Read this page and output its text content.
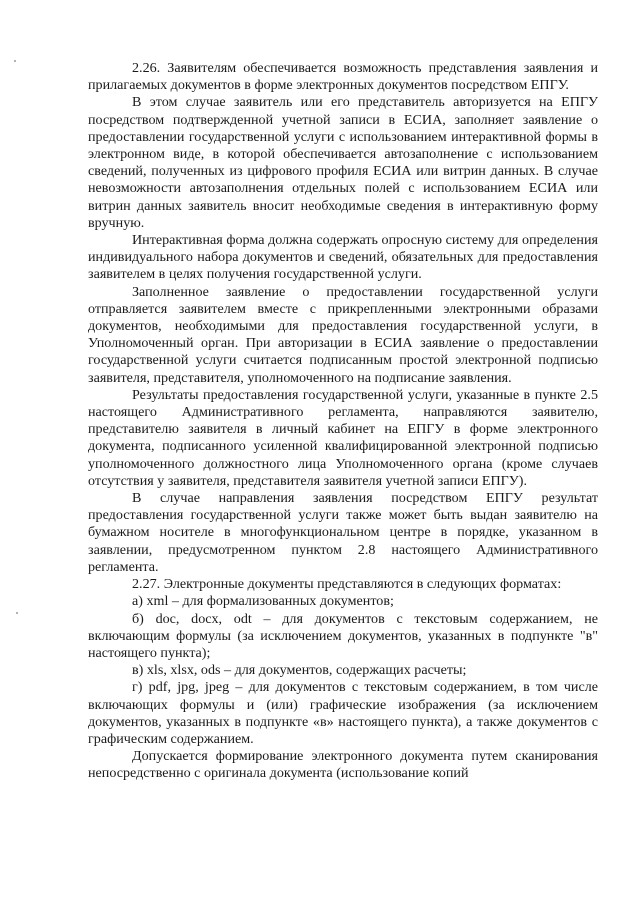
2.26. Заявителям обеспечивается возможность представления заявления и прилагаемых документов в форме электронных документов посредством ЕПГУ.

В этом случае заявитель или его представитель авторизуется на ЕПГУ посредством подтвержденной учетной записи в ЕСИА, заполняет заявление о предоставлении государственной услуги с использованием интерактивной формы в электронном виде, в которой обеспечивается автозаполнение с использованием сведений, полученных из цифрового профиля ЕСИА или витрин данных. В случае невозможности автозаполнения отдельных полей с использованием ЕСИА или витрин данных заявитель вносит необходимые сведения в интерактивную форму вручную.

Интерактивная форма должна содержать опросную систему для определения индивидуального набора документов и сведений, обязательных для предоставления заявителем в целях получения государственной услуги.

Заполненное заявление о предоставлении государственной услуги отправляется заявителем вместе с прикрепленными электронными образами документов, необходимыми для предоставления государственной услуги, в Уполномоченный орган. При авторизации в ЕСИА заявление о предоставлении государственной услуги считается подписанным простой электронной подписью заявителя, представителя, уполномоченного на подписание заявления.

Результаты предоставления государственной услуги, указанные в пункте 2.5 настоящего Административного регламента, направляются заявителю, представителю заявителя в личный кабинет на ЕПГУ в форме электронного документа, подписанного усиленной квалифицированной электронной подписью уполномоченного должностного лица Уполномоченного органа (кроме случаев отсутствия у заявителя, представителя заявителя учетной записи ЕПГУ).

В случае направления заявления посредством ЕПГУ результат предоставления государственной услуги также может быть выдан заявителю на бумажном носителе в многофункциональном центре в порядке, указанном в заявлении, предусмотренном пунктом 2.8 настоящего Административного регламента.

2.27. Электронные документы представляются в следующих форматах:

а) xml – для формализованных документов;

б) doc, docx, odt – для документов с текстовым содержанием, не включающим формулы (за исключением документов, указанных в подпункте "в" настоящего пункта);

в) xls, xlsx, ods – для документов, содержащих расчеты;

г) pdf, jpg, jpeg – для документов с текстовым содержанием, в том числе включающих формулы и (или) графические изображения (за исключением документов, указанных в подпункте «в» настоящего пункта), а также документов с графическим содержанием.

Допускается формирование электронного документа путем сканирования непосредственно с оригинала документа (использование копий
